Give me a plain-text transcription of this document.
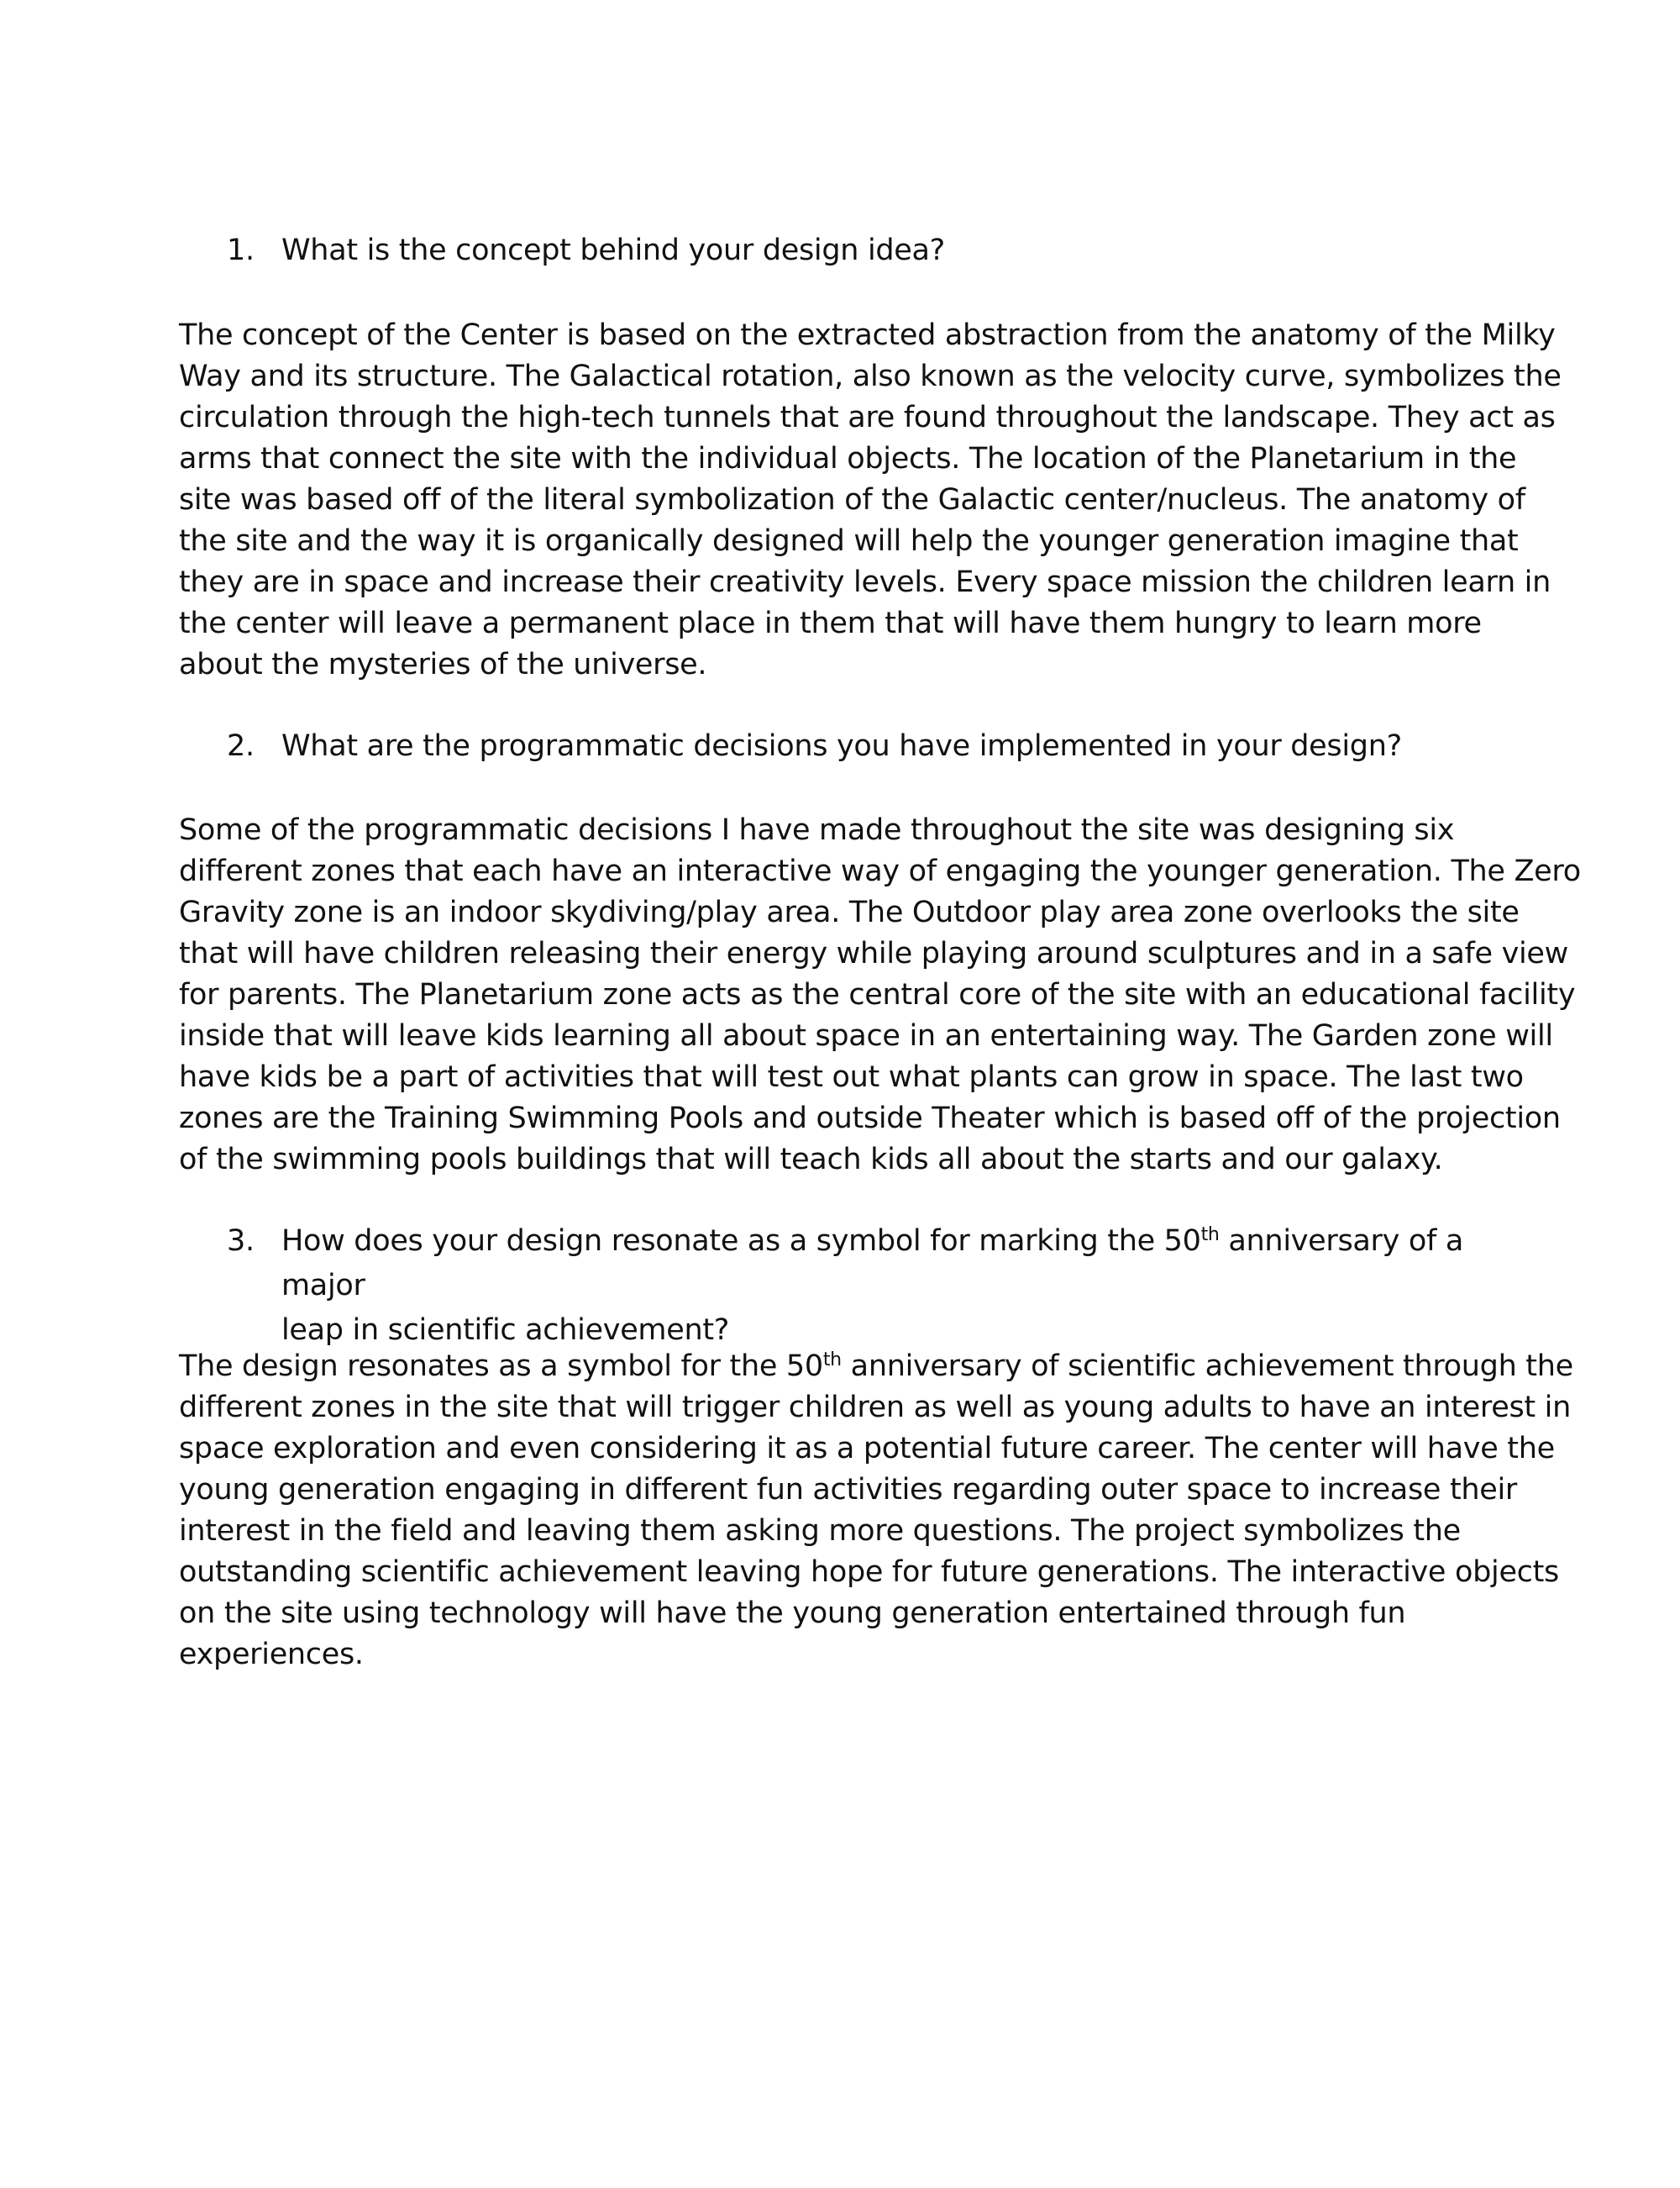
1. What is the concept behind your design idea?
The concept of the Center is based on the extracted abstraction from the anatomy of the Milky
Way and its structure. The Galactical rotation, also known as the velocity curve, symbolizes the
circulation through the high-tech tunnels that are found throughout the landscape. They act as
arms that connect the site with the individual objects. The location of the Planetarium in the
site was based off of the literal symbolization of the Galactic center/nucleus. The anatomy of
the site and the way it is organically designed will help the younger generation imagine that
they are in space and increase their creativity levels. Every space mission the children learn in
the center will leave a permanent place in them that will have them hungry to learn more
about the mysteries of the universe.
2. What are the programmatic decisions you have implemented in your design?
Some of the programmatic decisions I have made throughout the site was designing six
different zones that each have an interactive way of engaging the younger generation. The Zero
Gravity zone is an indoor skydiving/play area. The Outdoor play area zone overlooks the site
that will have children releasing their energy while playing around sculptures and in a safe view
for parents. The Planetarium zone acts as the central core of the site with an educational facility
inside that will leave kids learning all about space in an entertaining way. The Garden zone will
have kids be a part of activities that will test out what plants can grow in space. The last two
zones are the Training Swimming Pools and outside Theater which is based off of the projection
of the swimming pools buildings that will teach kids all about the starts and our galaxy.
3. How does your design resonate as a symbol for marking the 50th anniversary of a major
leap in scientific achievement?
The design resonates as a symbol for the 50th anniversary of scientific achievement through the
different zones in the site that will trigger children as well as young adults to have an interest in
space exploration and even considering it as a potential future career. The center will have the
young generation engaging in different fun activities regarding outer space to increase their
interest in the field and leaving them asking more questions. The project symbolizes the
outstanding scientific achievement leaving hope for future generations. The interactive objects
on the site using technology will have the young generation entertained through fun
experiences.
